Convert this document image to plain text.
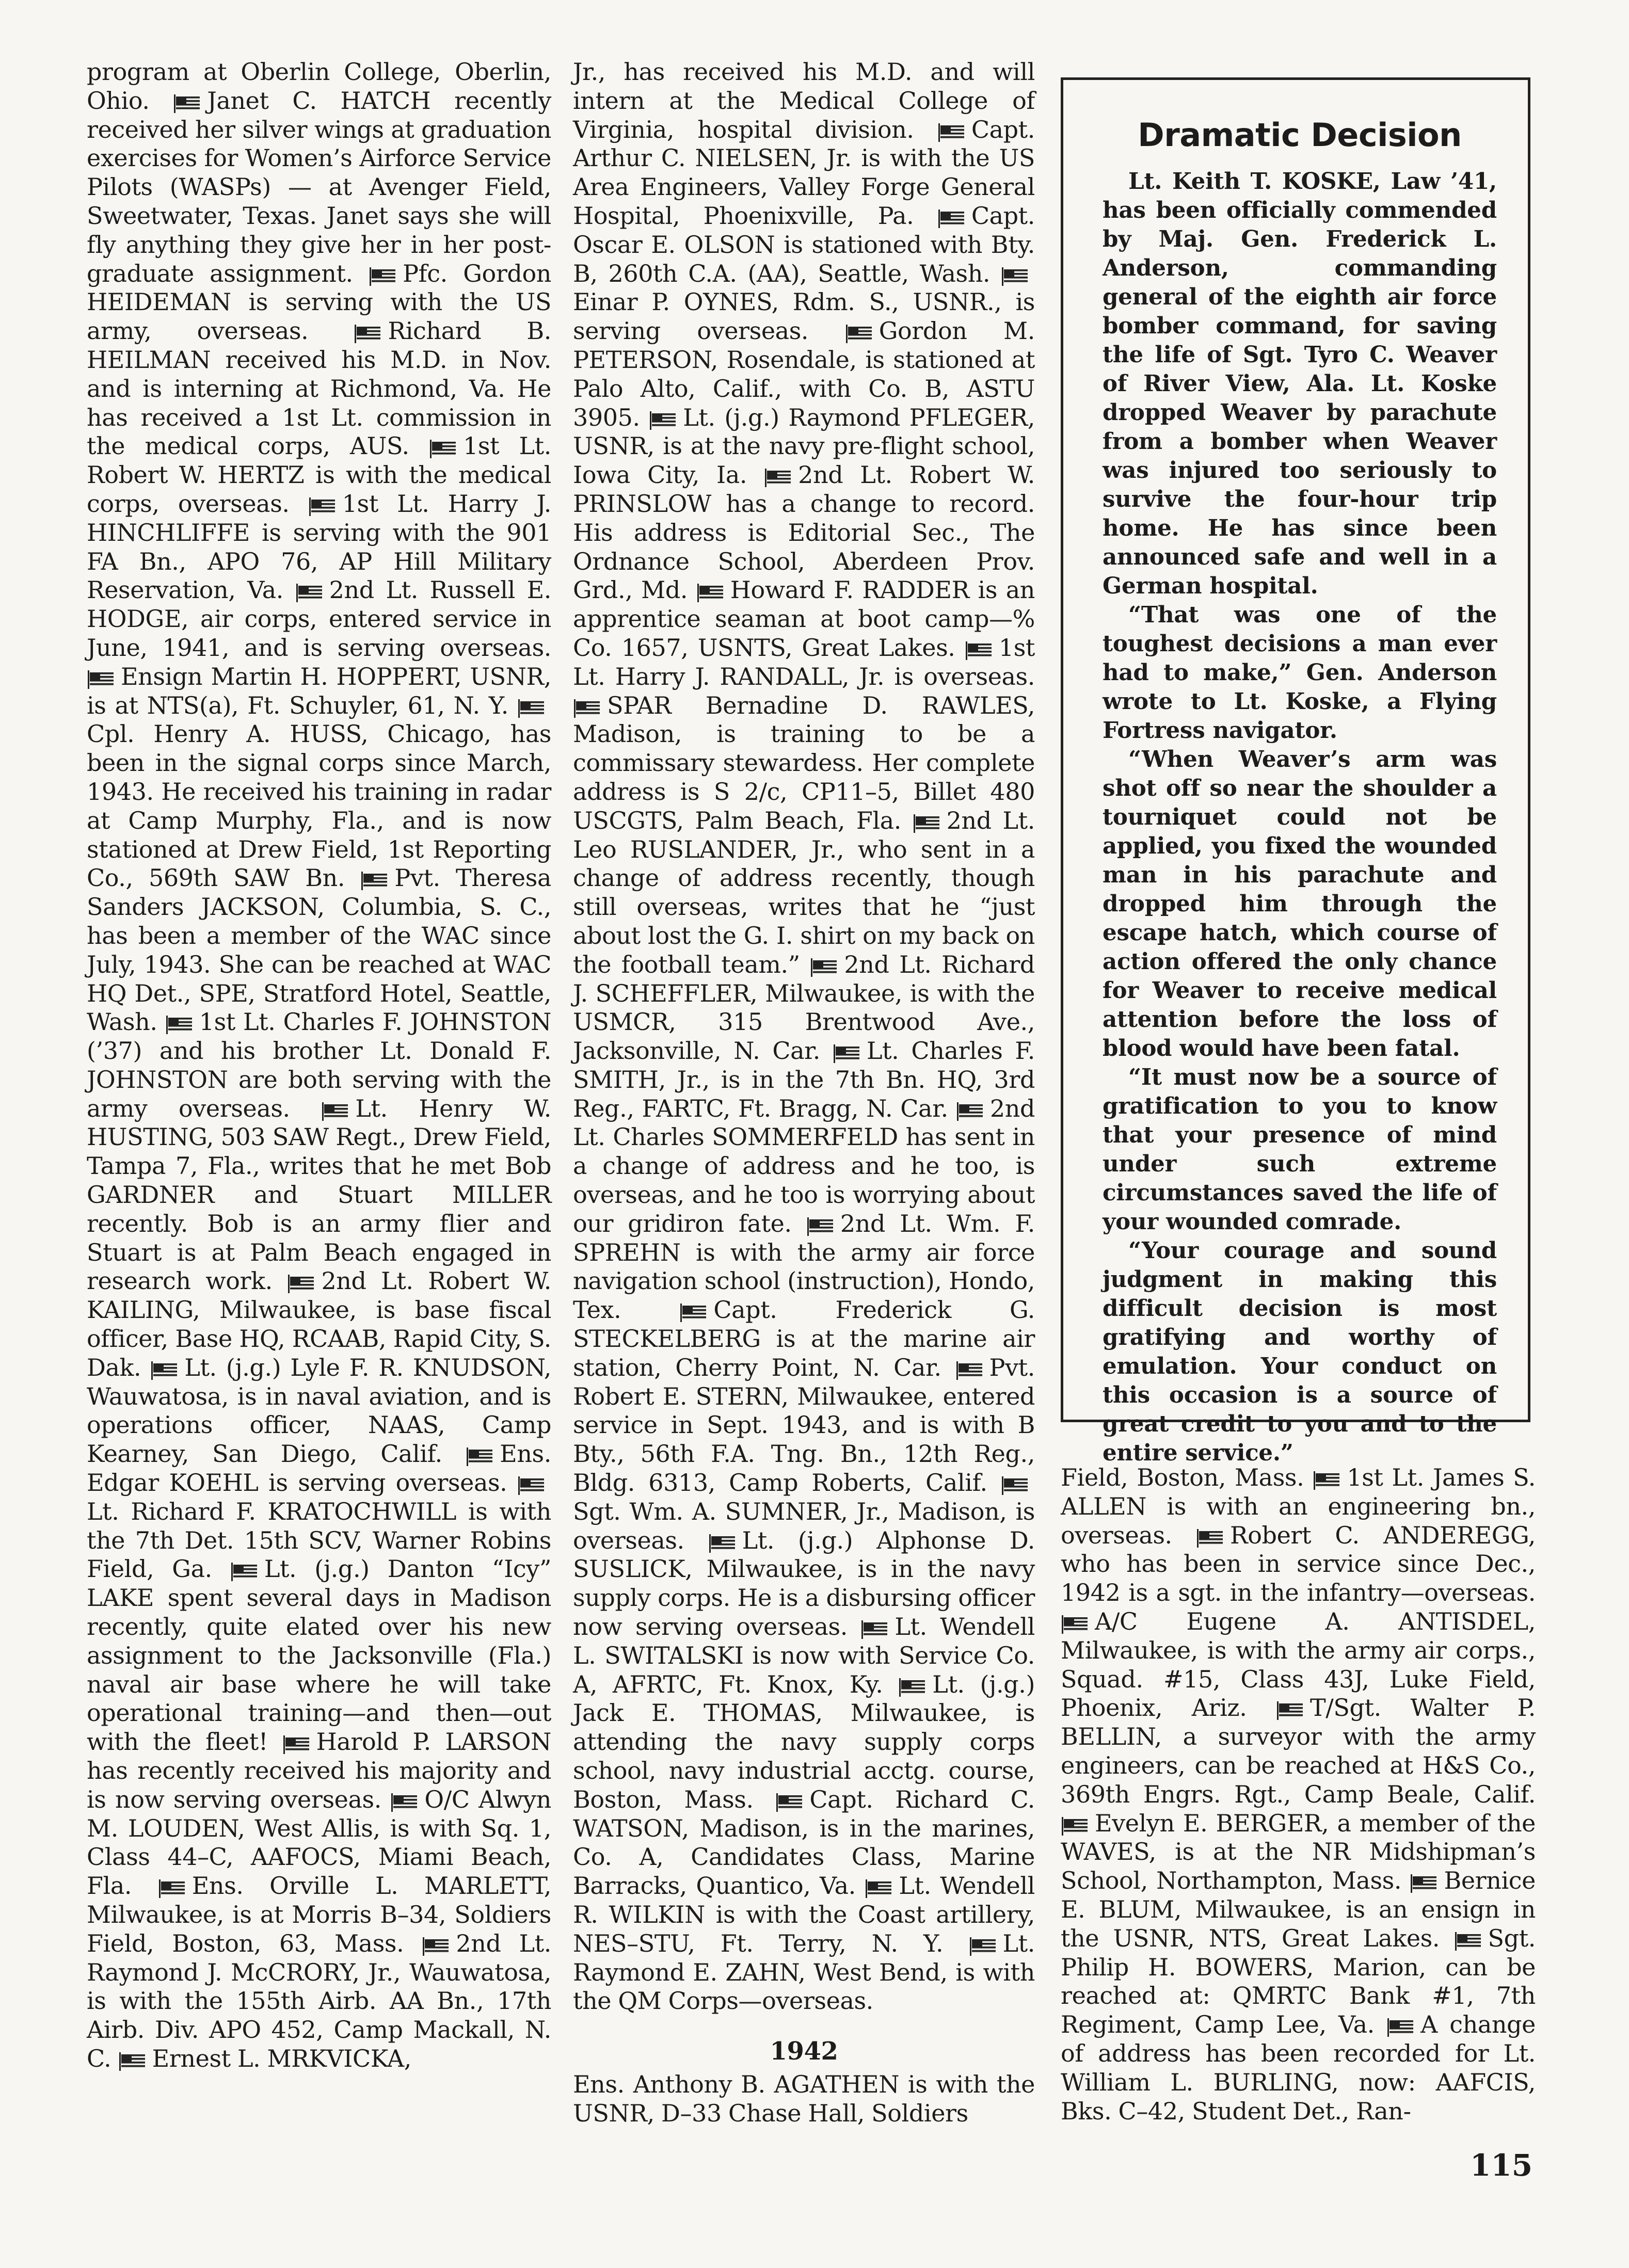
program at Oberlin College, Oberlin, Ohio. Janet C. HATCH recently received her silver wings at graduation exercises for Women’s Airforce Service Pilots (WASPs) — at Avenger Field, Sweetwater, Texas. Janet says she will fly anything they give her in her post-graduate assignment. Pfc. Gordon HEIDEMAN is serving with the US army, overseas.	Richard B. HEILMAN received his M.D. in Nov. and is interning at Richmond, Va. He has received a 1st Lt. commission in the medical corps, AUS. 1st Lt. Robert W. HERTZ is with the medical corps, overseas. 1st Lt. Harry J. HINCHLIFFE is serving with the 901 FA Bn., APO 76, AP Hill Military Reservation, Va. 2nd Lt. Russell E. HODGE, air corps, entered service in June, 1941, and is serving overseas. Ensign Martin H. HOPPERT, USNR, is at NTS(a), Ft. Schuyler, 61, N. Y. Cpl. Henry A. HUSS, Chicago, has been in the signal corps since March, 1943. He received his training in radar at Camp Murphy, Fla., and is now stationed at Drew Field, 1st Reporting Co., 569th SAW Bn. Pvt. Theresa Sanders JACKSON, Columbia, S. C., has been a member of the WAC since July, 1943. She can be reached at WAC HQ Det., SPE, Stratford Hotel, Seattle, Wash. 1st Lt. Charles F. JOHNSTON (’37) and his brother Lt. Donald F. JOHNSTON are both serving with the army overseas.	Lt. Henry W. HUSTING, 503 SAW Regt., Drew Field, Tampa 7, Fla., writes that he met Bob GARDNER and Stuart MILLER recently. Bob is an army flier and Stuart is at Palm Beach engaged in research work. 2nd Lt. Robert W. KAILING, Milwaukee, is base fiscal officer, Base HQ, RCAAB, Rapid City, S. Dak. Lt. (j.g.) Lyle F. R. KNUDSON, Wauwatosa, is in naval aviation, and is operations officer, NAAS, Camp Kearney, San Diego, Calif. Ens. Edgar KOEHL is serving overseas. Lt. Richard F. KRATOCHWILL is with the 7th Det. 15th SCV, Warner Robins Field, Ga. Lt. (j.g.) Danton “Icy” LAKE spent several days in Madison recently, quite elated over his new assignment to the Jacksonville (Fla.) naval air base where he will take operational training—and then—out with the fleet! Harold P. LARSON has recently received his majority and is now serving overseas. O/C Alwyn M. LOUDEN, West Allis, is with Sq. 1, Class 44–C, AAFOCS, Miami Beach, Fla.	Ens. Orville L. MARLETT, Milwaukee, is at Morris B–34, Soldiers Field, Boston, 63, Mass. 2nd Lt. Raymond J. McCRORY, Jr., Wauwatosa, is with the 155th Airb. AA Bn., 17th Airb. Div. APO 452, Camp Mackall, N. C. Ernest L. MRKVICKA,

Jr., has received his M.D. and will intern at the Medical College of Virginia, hospital division. Capt. Arthur C. NIELSEN, Jr. is with the US Area Engineers, Valley Forge General Hospital, Phoenixville, Pa. Capt. Oscar E. OLSON is stationed with Bty. B, 260th C.A. (AA), Seattle, Wash. Einar P. OYNES, Rdm. S., USNR., is serving overseas.	Gordon M. PETERSON, Rosendale, is stationed at Palo Alto, Calif., with Co. B, ASTU 3905. Lt. (j.g.) Raymond PFLEGER, USNR, is at the navy pre-flight school, Iowa City, Ia. 2nd Lt. Robert W. PRINSLOW has a change to record. His address is Editorial Sec., The Ordnance School, Aberdeen Prov. Grd., Md. Howard F. RADDER is an apprentice seaman at boot camp—% Co. 1657, USNTS, Great Lakes. 1st Lt. Harry J. RANDALL, Jr. is overseas. SPAR Bernadine D. RAWLES, Madison, is training to be a commissary stewardess. Her complete address is S 2/c, CP11–5, Billet 480 USCGTS, Palm Beach, Fla. 2nd Lt. Leo RUSLANDER, Jr., who sent in a change of address recently, though still overseas, writes that he “just about lost the G. I. shirt on my back on the football team.” 2nd Lt. Richard J. SCHEFFLER, Milwaukee, is with the USMCR, 315 Brentwood Ave., Jacksonville, N. Car. Lt. Charles F. SMITH, Jr., is in the 7th Bn. HQ, 3rd Reg., FARTC, Ft. Bragg, N. Car. 2nd Lt. Charles SOMMERFELD has sent in a change of address and he too, is overseas, and he too is worrying about our gridiron fate. 2nd Lt. Wm. F. SPREHN is with the army air force navigation school (instruction), Hondo, Tex.	Capt. Frederick G. STECKELBERG is at the marine air station, Cherry Point, N. Car. Pvt. Robert E. STERN, Milwaukee, entered service in Sept. 1943, and is with B Bty., 56th F.A. Tng. Bn., 12th Reg., Bldg. 6313, Camp Roberts, Calif. Sgt. Wm. A. SUMNER, Jr., Madison, is overseas. Lt. (j.g.) Alphonse D. SUSLICK, Milwaukee, is in the navy supply corps. He is a disbursing officer now serving overseas. Lt. Wendell L. SWITALSKI is now with Service Co. A, AFRTC, Ft. Knox, Ky. Lt. (j.g.) Jack E. THOMAS, Milwaukee, is attending the navy supply corps school, navy industrial acctg. course, Boston, Mass. Capt. Richard C. WATSON, Madison, is in the marines, Co. A, Candidates Class, Marine Barracks, Quantico, Va. Lt. Wendell R. WILKIN is with the Coast artillery, NES–STU, Ft. Terry, N. Y.	Lt. Raymond E. ZAHN, West Bend, is with the QM Corps—overseas.

1942

Ens. Anthony B. AGATHEN is with the USNR, D–33 Chase Hall, Soldiers

Dramatic Decision

Lt. Keith T. KOSKE, Law ’41, has been officially commended by Maj. Gen. Frederick L. Anderson, commanding general of the eighth air force bomber command, for saving the life of Sgt. Tyro C. Weaver of River View, Ala. Lt. Koske dropped Weaver by parachute from a bomber when Weaver was injured too seriously to survive the four-hour trip home. He has since been announced safe and well in a German hospital.

“That was one of the toughest decisions a man ever had to make,” Gen. Anderson wrote to Lt. Koske, a Flying Fortress navigator.

“When Weaver’s arm was shot off so near the shoulder a tourniquet could not be applied, you fixed the wounded man in his parachute and dropped him through the escape hatch, which course of action offered the only chance for Weaver to receive medical attention before the loss of blood would have been fatal.

“It must now be a source of gratification to you to know that your presence of mind under such extreme circumstances saved the life of your wounded comrade.

“Your courage and sound judgment in making this difficult decision is most gratifying and worthy of emulation. Your conduct on this occasion is a source of great credit to you and to the entire service.”

Field, Boston, Mass. 1st Lt. James S. ALLEN is with an engineering bn., overseas. Robert C. ANDEREGG, who has been in service since Dec., 1942 is a sgt. in the infantry—overseas. A/C Eugene A. ANTISDEL, Milwaukee, is with the army air corps., Squad. #15, Class 43J, Luke Field, Phoenix, Ariz.	T/Sgt. Walter P. BELLIN, a surveyor with the army engineers, can be reached at H&S Co., 369th Engrs. Rgt., Camp Beale, Calif. Evelyn E. BERGER, a member of the WAVES, is at the NR Midshipman’s School, Northampton, Mass. Bernice E. BLUM, Milwaukee, is an ensign in the USNR, NTS, Great Lakes. Sgt. Philip H. BOWERS, Marion, can be reached at: QMRTC Bank #1, 7th Regiment, Camp Lee, Va. A change of address has been recorded for Lt. William L. BURLING, now: AAFCIS, Bks. C–42, Student Det., Ran-

115
